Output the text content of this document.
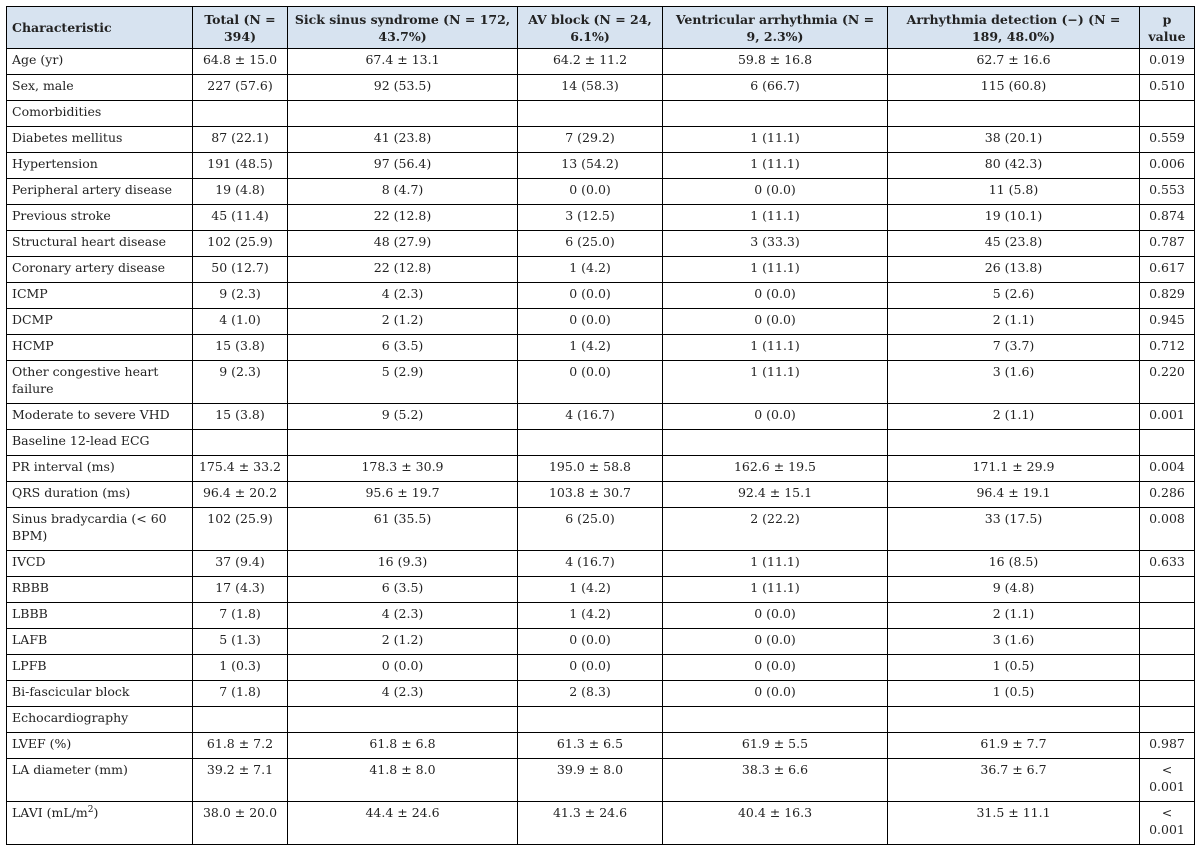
Characteristic	Total (N = 394)	Sick sinus syndrome (N = 172, 43.7%)	AV block (N = 24, 6.1%)	Ventricular arrhythmia (N = 9, 2.3%)	Arrhythmia detection (−) (N = 189, 48.0%)	p value
Age (yr)	64.8 ± 15.0	67.4 ± 13.1	64.2 ± 11.2	59.8 ± 16.8	62.7 ± 16.6	0.019
Sex, male	227 (57.6)	92 (53.5)	14 (58.3)	6 (66.7)	115 (60.8)	0.510
Comorbidities						
Diabetes mellitus	87 (22.1)	41 (23.8)	7 (29.2)	1 (11.1)	38 (20.1)	0.559
Hypertension	191 (48.5)	97 (56.4)	13 (54.2)	1 (11.1)	80 (42.3)	0.006
Peripheral artery disease	19 (4.8)	8 (4.7)	0 (0.0)	0 (0.0)	11 (5.8)	0.553
Previous stroke	45 (11.4)	22 (12.8)	3 (12.5)	1 (11.1)	19 (10.1)	0.874
Structural heart disease	102 (25.9)	48 (27.9)	6 (25.0)	3 (33.3)	45 (23.8)	0.787
Coronary artery disease	50 (12.7)	22 (12.8)	1 (4.2)	1 (11.1)	26 (13.8)	0.617
ICMP	9 (2.3)	4 (2.3)	0 (0.0)	0 (0.0)	5 (2.6)	0.829
DCMP	4 (1.0)	2 (1.2)	0 (0.0)	0 (0.0)	2 (1.1)	0.945
HCMP	15 (3.8)	6 (3.5)	1 (4.2)	1 (11.1)	7 (3.7)	0.712
Other congestive heart failure	9 (2.3)	5 (2.9)	0 (0.0)	1 (11.1)	3 (1.6)	0.220
Moderate to severe VHD	15 (3.8)	9 (5.2)	4 (16.7)	0 (0.0)	2 (1.1)	0.001
Baseline 12-lead ECG						
PR interval (ms)	175.4 ± 33.2	178.3 ± 30.9	195.0 ± 58.8	162.6 ± 19.5	171.1 ± 29.9	0.004
QRS duration (ms)	96.4 ± 20.2	95.6 ± 19.7	103.8 ± 30.7	92.4 ± 15.1	96.4 ± 19.1	0.286
Sinus bradycardia (< 60 BPM)	102 (25.9)	61 (35.5)	6 (25.0)	2 (22.2)	33 (17.5)	0.008
IVCD	37 (9.4)	16 (9.3)	4 (16.7)	1 (11.1)	16 (8.5)	0.633
RBBB	17 (4.3)	6 (3.5)	1 (4.2)	1 (11.1)	9 (4.8)	
LBBB	7 (1.8)	4 (2.3)	1 (4.2)	0 (0.0)	2 (1.1)	
LAFB	5 (1.3)	2 (1.2)	0 (0.0)	0 (0.0)	3 (1.6)	
LPFB	1 (0.3)	0 (0.0)	0 (0.0)	0 (0.0)	1 (0.5)	
Bi-fascicular block	7 (1.8)	4 (2.3)	2 (8.3)	0 (0.0)	1 (0.5)	
Echocardiography						
LVEF (%)	61.8 ± 7.2	61.8 ± 6.8	61.3 ± 6.5	61.9 ± 5.5	61.9 ± 7.7	0.987
LA diameter (mm)	39.2 ± 7.1	41.8 ± 8.0	39.9 ± 8.0	38.3 ± 6.6	36.7 ± 6.7	< 0.001
LAVI $(mL/m^2)$	38.0 ± 20.0	44.4 ± 24.6	41.3 ± 24.6	40.4 ± 16.3	31.5 ± 11.1	< 0.001
